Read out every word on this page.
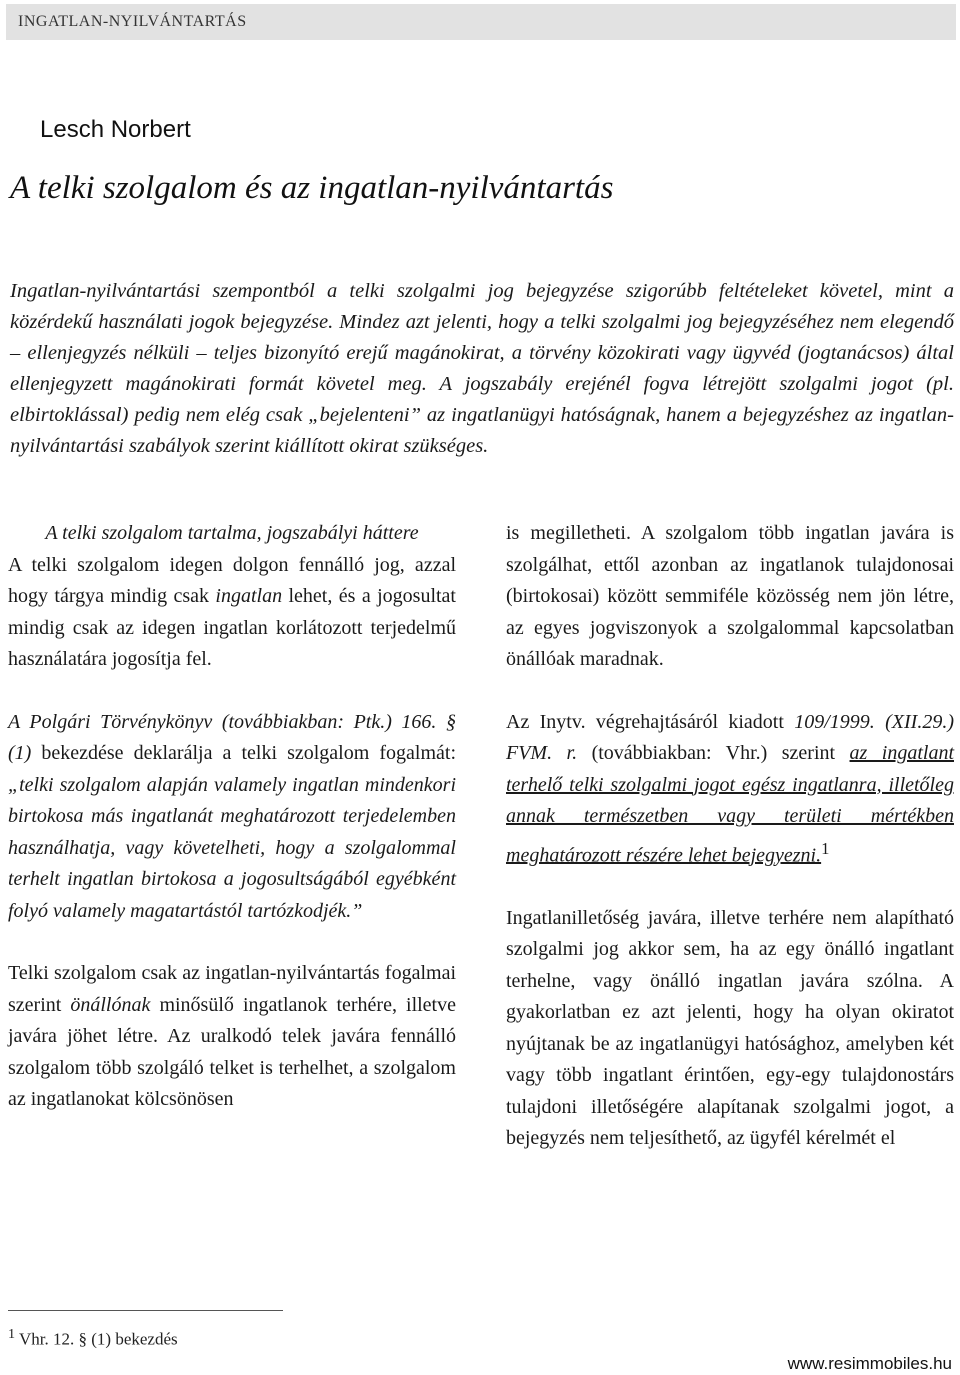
INGATLAN-NYILVÁNTARTÁS
Lesch Norbert
A telki szolgalom és az ingatlan-nyilvántartás
Ingatlan-nyilvántartási szempontból a telki szolgalmi jog bejegyzése szigorúbb feltételeket követel, mint a közérdekű használati jogok bejegyzése. Mindez azt jelenti, hogy a telki szolgalmi jog bejegyzéséhez nem elegendő – ellenjegyzés nélküli – teljes bizonyító erejű magánokirat, a törvény közokirati vagy ügyvéd (jogtanácsos) által ellenjegyzett magánokirati formát követel meg. A jogszabály erejénél fogva létrejött szolgalmi jogot (pl. elbirtoklással) pedig nem elég csak „bejelenteni” az ingatlanügyi hatóságnak, hanem a bejegyzéshez az ingatlan-nyilvántartási szabályok szerint kiállított okirat szükséges.

A telki szolgalom tartalma, jogszabályi háttere

A telki szolgalom idegen dolgon fennálló jog, azzal hogy tárgya mindig csak ingatlan lehet, és a jogosultat mindig csak az idegen ingatlan korlátozott terjedelmű használatára jogosítja fel.

A Polgári Törvénykönyv (továbbiakban: Ptk.) 166. § (1) bekezdése deklarálja a telki szolgalom fogalmát: „telki szolgalom alapján valamely ingatlan mindenkori birtokosa más ingatlanát meghatározott terjedelemben használhatja, vagy követelheti, hogy a szolgalommal terhelt ingatlan birtokosa a jogosultságából egyébként folyó valamely magatartástól tartózkodjék.”

Telki szolgalom csak az ingatlan-nyilvántartás fogalmai szerint önállónak minősülő ingatlanok terhére, illetve javára jöhet létre. Az uralkodó telek javára fennálló szolgalom több szolgáló telket is terhelhet, a szolgalom az ingatlanokat kölcsönösen

is megilletheti. A szolgalom több ingatlan javára is szolgálhat, ettől azonban az ingatlanok tulajdonosai (birtokosai) között semmiféle közösség nem jön létre, az egyes jogviszonyok a szolgalommal kapcsolatban önállóak maradnak.

Az Inytv. végrehajtásáról kiadott 109/1999. (XII.29.) FVM. r. (továbbiakban: Vhr.) szerint az ingatlant terhelő telki szolgalmi jogot egész ingatlanra, illetőleg annak természetben vagy területi mértékben meghatározott részére lehet bejegyezni.$^1$

Ingatlanilletőség javára, illetve terhére nem alapítható szolgalmi jog akkor sem, ha az egy önálló ingatlant terhelne, vagy önálló ingatlan javára szólna. A gyakorlatban ez azt jelenti, hogy ha olyan okiratot nyújtanak be az ingatlanügyi hatósághoz, amelyben két vagy több ingatlant érintően, egy-egy tulajdonostárs tulajdoni illetőségére alapítanak szolgalmi jogot, a bejegyzés nem teljesíthető, az ügyfél kérelmét el

$^1$ Vhr. 12. § (1) bekezdés
www.resimmobiles.hu
